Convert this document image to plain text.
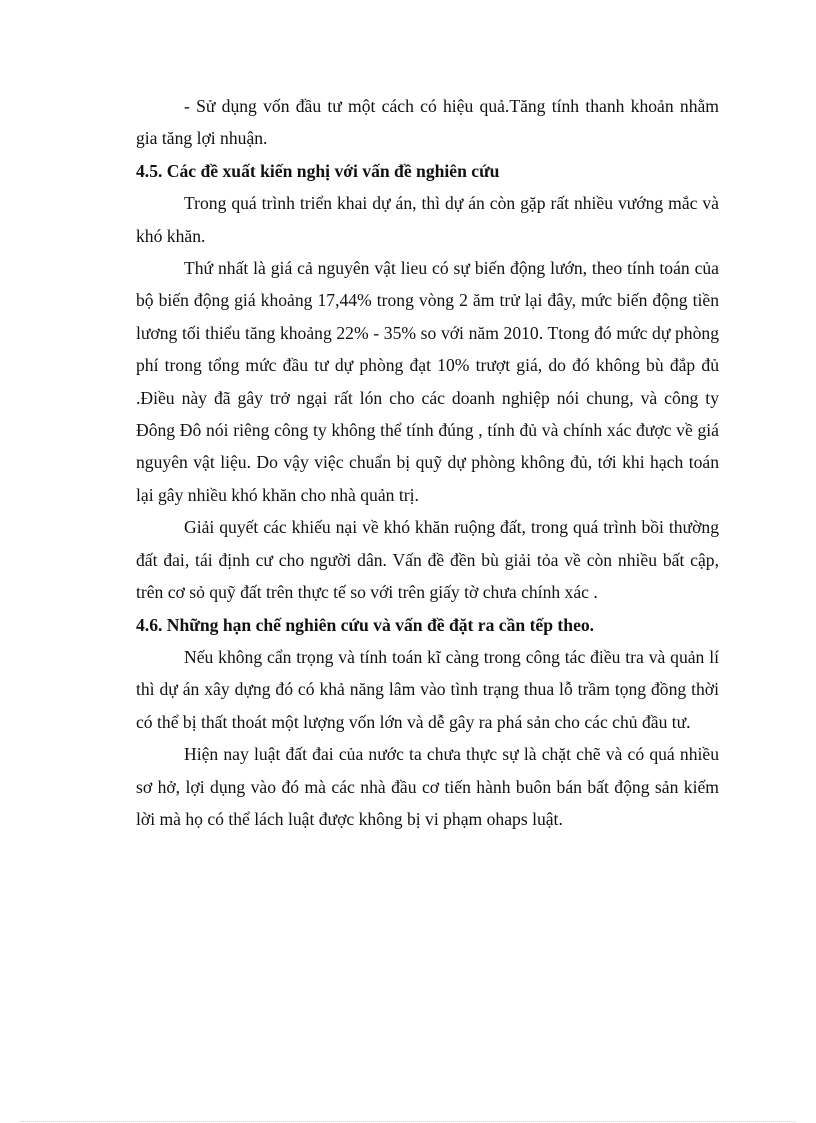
- Sử dụng vốn đầu tư một cách có hiệu quả.Tăng tính thanh khoản nhằm gia tăng lợi nhuận.

4.5. Các đề xuất kiến nghị với vấn đề nghiên cứu

Trong quá trình triển khai dự án, thì dự án còn gặp rất nhiều vướng mắc và khó khăn.

Thứ nhất là giá cả nguyên vật lieu có sự biến động lướn, theo tính toán của bộ biến động giá khoảng 17,44% trong vòng 2 ăm trử lại đây, mức biến động tiền lương tối thiểu tăng khoảng 22% - 35% so với năm 2010. Ttong đó mức dự phòng phí trong tổng mức đầu tư dự phòng đạt 10% trượt giá, do đó không bù đắp đủ .Điều này đã gây trở ngại rất lón cho các doanh nghiệp nói chung, và công ty Đông Đô nói riêng công ty không thể tính đúng , tính đủ và chính xác được về giá nguyên vật liệu. Do vậy việc chuẩn bị quỹ dự phòng không đủ, tới khi hạch toán lại gây nhiều khó khăn cho nhà quản trị.

Giải quyết các khiếu nại về khó khăn ruộng đất, trong quá trình bồi thường đất đai, tái định cư cho người dân. Vấn đề đền bù giải tỏa về còn nhiều bất cập, trên cơ sỏ quỹ đất trên thực tế so với trên giấy tờ chưa chính xác .

4.6. Những hạn chế nghiên cứu và vấn đề đặt ra cần tếp theo.

Nếu không cẩn trọng và tính toán kĩ càng trong công tác điều tra và quản lí thì dự án xây dựng đó có khả năng lâm vào tình trạng thua lỗ trầm tọng đồng thời có thể bị thất thoát một lượng vốn lớn và dễ gây ra phá sản cho các chủ đầu tư.

Hiện nay luật đất đai của nước ta chưa thực sự là chặt chẽ và có quá nhiều sơ hở, lợi dụng vào đó mà các nhà đầu cơ tiến hành buôn bán bất động sản kiếm lời mà họ có thể lách luật được không bị vi phạm ohaps luật.
